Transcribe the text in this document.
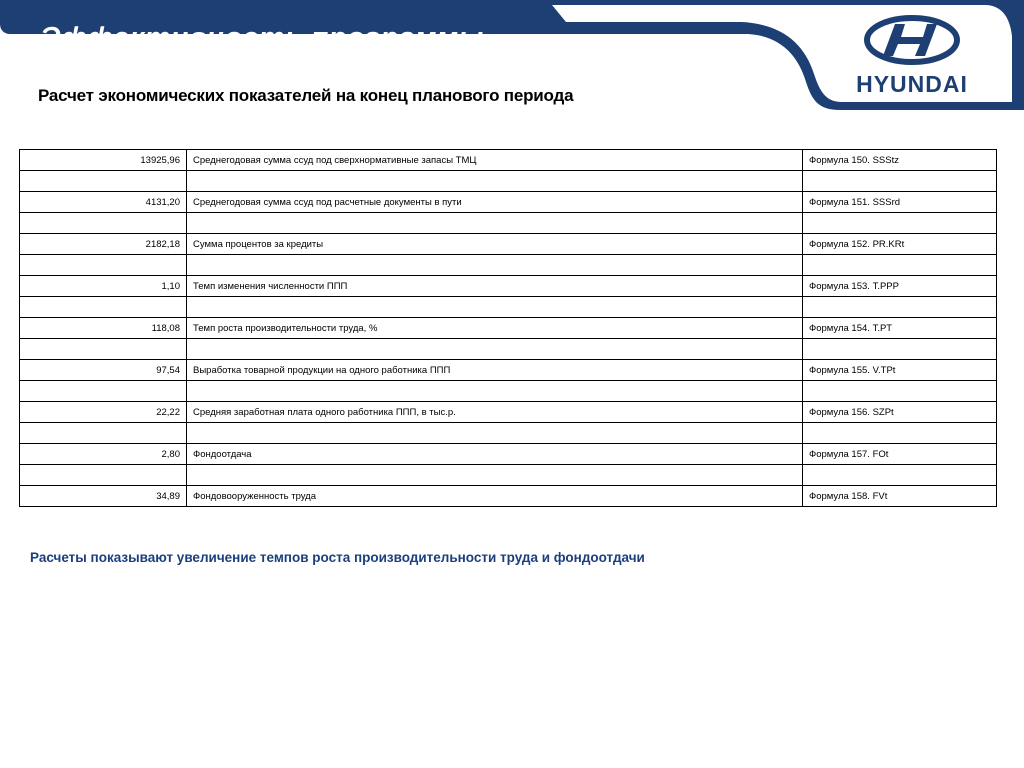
Эффективность программы
HYUNDAI
Расчет экономических показателей на конец планового периода
13925,96	Среднегодовая сумма ссуд под сверхнормативные запасы ТМЦ	Формула 150. SSStz

4131,20	Среднегодовая сумма ссуд под расчетные документы в пути	Формула 151. SSSrd

2182,18	Сумма процентов за кредиты	Формула 152. PR.KRt

1,10	Темп изменения численности ППП	Формула 153. T.PPP

118,08	Темп роста производительности труда, %	Формула 154. T.PT

97,54	Выработка товарной продукции на одного работника ППП	Формула 155. V.TPt

22,22	Средняя заработная плата одного работника ППП, в тыс.р.	Формула 156. SZPt

2,80	Фондоотдача	Формула 157. FOt

34,89	Фондовооруженность труда	Формула 158. FVt

Расчеты показывают увеличение темпов роста производительности труда и фондоотдачи
